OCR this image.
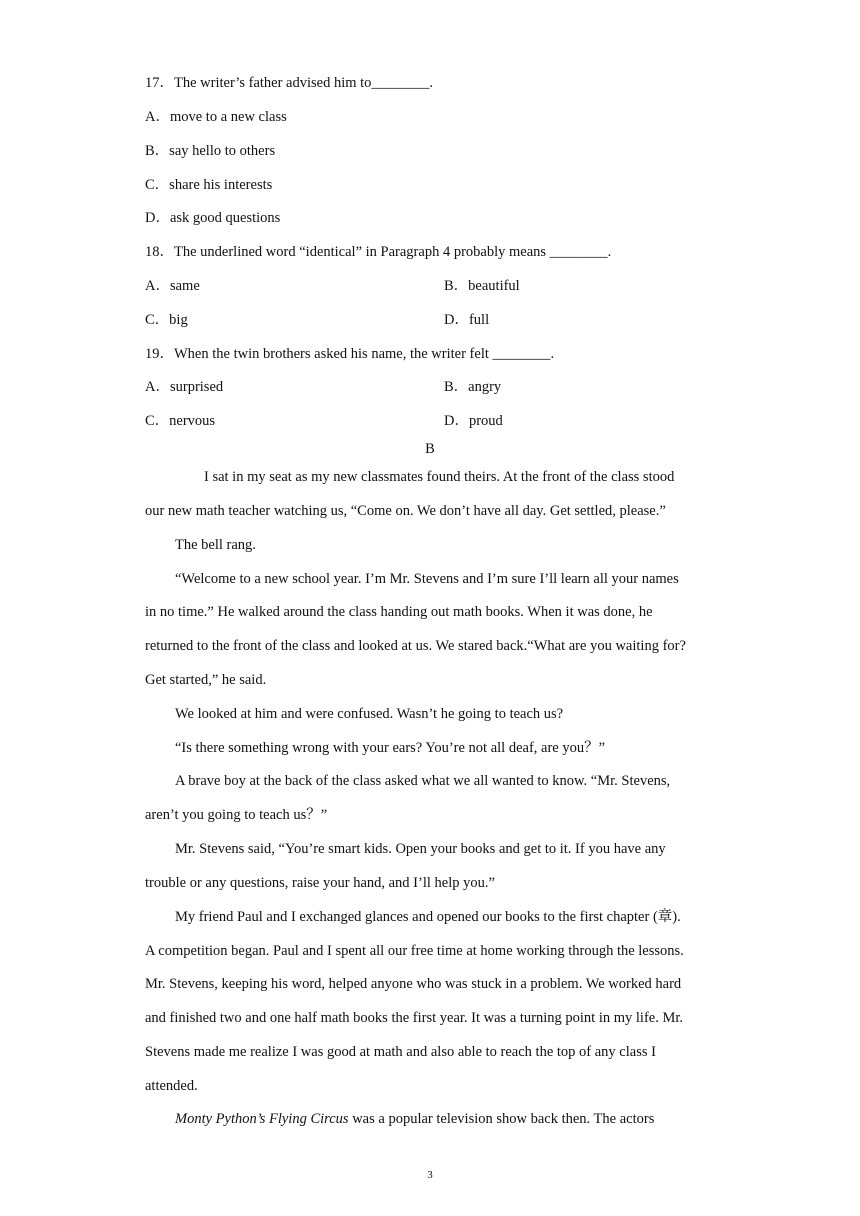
17．The writer’s father advised him to________.
A．move to a new class
B．say hello to others
C．share his interests
D．ask good questions
18．The underlined word “identical” in Paragraph 4 probably means ________.
A．same	B．beautiful
C．big	D．full
19．When the twin brothers asked his name, the writer felt ________.
A．surprised	B．angry
C．nervous	D．proud
B
I sat in my seat as my new classmates found theirs. At the front of the class stood
our new math teacher watching us, “Come on. We don’t have all day. Get settled, please.”
The bell rang.
“Welcome to a new school year. I’m Mr. Stevens and I’m sure I’ll learn all your names
in no time.” He walked around the class handing out math books. When it was done, he
returned to the front of the class and looked at us. We stared back.“What are you waiting for?
Get started,” he said.
We looked at him and were confused. Wasn’t he going to teach us?
“Is there something wrong with your ears? You’re not all deaf, are you？”
A brave boy at the back of the class asked what we all wanted to know. “Mr. Stevens,
aren’t you going to teach us？”
Mr. Stevens said, “You’re smart kids. Open your books and get to it. If you have any
trouble or any questions, raise your hand, and I’ll help you.”
My friend Paul and I exchanged glances and opened our books to the first chapter (章).
A competition began. Paul and I spent all our free time at home working through the lessons.
Mr. Stevens, keeping his word, helped anyone who was stuck in a problem. We worked hard
and finished two and one half math books the first year. It was a turning point in my life. Mr.
Stevens made me realize I was good at math and also able to reach the top of any class I
attended.
Monty Python’s Flying Circus was a popular television show back then. The actors
3
